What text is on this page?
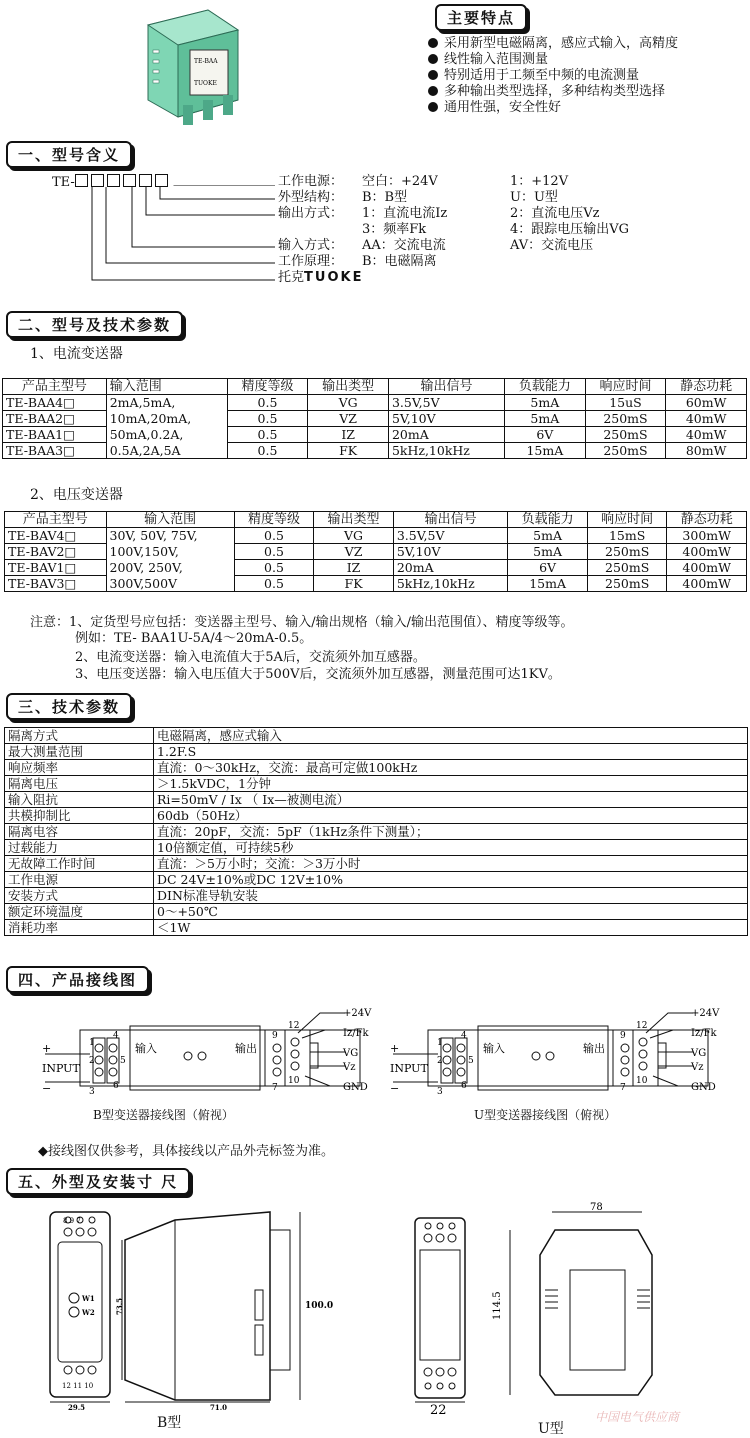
TE-BAA
TUOKE
主要特点
采用新型电磁隔离，感应式输入，高精度
线性输入范围测量
特别适用于工频至中频的电流测量
多种输出类型选择，多种结构类型选择
通用性强，安全性好
一、型号含义
TE-	工作电源： 空白：+24V	1：+12V
外型结构： B：B型	U：U型
输出方式： 1：直流电流Iz	2：直流电压Vz
3：频率Fk	4：跟踪电压输出VG
输入方式： AA：交流电流	AV：交流电压
工作原理： B：电磁隔离
托克TUOKE
二、型号及技术参数
1、电流变送器
产品主型号	输入范围	精度等级	输出类型	输出信号	负载能力	响应时间	静态功耗
TE-BAA4□	2mA,5mA,	0.5	VG	3.5V,5V	5mA	15uS	60mW
TE-BAA2□	10mA,20mA,	0.5	VZ	5V,10V	5mA	250mS	40mW
TE-BAA1□	50mA,0.2A,	0.5	IZ	20mA	6V	250mS	40mW
TE-BAA3□	0.5A,2A,5A	0.5	FK	5kHz,10kHz	15mA	250mS	80mW
2、电压变送器
产品主型号	输入范围	精度等级	输出类型	输出信号	负载能力	响应时间	静态功耗
TE-BAV4□	30V, 50V, 75V,	0.5	VG	3.5V,5V	5mA	15mS	300mW
TE-BAV2□	100V,150V,	0.5	VZ	5V,10V	5mA	250mS	400mW
TE-BAV1□	200V, 250V,	0.5	IZ	20mA	6V	250mS	400mW
TE-BAV3□	300V,500V	0.5	FK	5kHz,10kHz	15mA	250mS	400mW
注意：1、定货型号应包括：变送器主型号、输入/输出规格（输入/输出范围值）、精度等级等。
例如：TE- BAA1U-5A/4～20mA-0.5。
2、电流变送器：输入电流值大于5A后，交流须外加互感器。
3、电压变送器：输入电压值大于500V后，交流须外加互感器，测量范围可达1KV。
三、技术参数
隔离方式	电磁隔离，感应式输入
最大测量范围	1.2F.S
响应频率	直流：0～30kHz，交流：最高可定做100kHz
隔离电压	＞1.5kVDC，1分钟
输入阻抗	Ri=50mV / Ix （ Ix—被测电流）
共模抑制比	60db（50Hz）
隔离电容	直流：20pF，交流：5pF（1kHz条件下测量）；
过载能力	10倍额定值，可持续5秒
无故障工作时间	直流：＞5万小时；交流：＞3万小时
工作电源	DC 24V±10%或DC 12V±10%
安装方式	DIN标准导轨安装
额定环境温度	0～+50℃
消耗功率	＜1W
四、产品接线图
+
INPUT
−
输入	输出
1
2
3
4
5
6	7
9
10
12
+24V
Iz/Fk
VG
Vz
GND
B型变送器接线图（俯视）
+
INPUT
−
输入	输出
1
2
3
4
5
6	7
9
10
12
+24V
Iz/Fk
VG
Vz
GND
U型变送器接线图（俯视）
◆接线图仅供参考，具体接线以产品外壳标签为准。
五、外型及安装寸 尺
8 9 7
12 11 10
W1
W2
29.5
73.5
71.0
100.0
B型
22
78
114.5
U型
中国电气供应商
